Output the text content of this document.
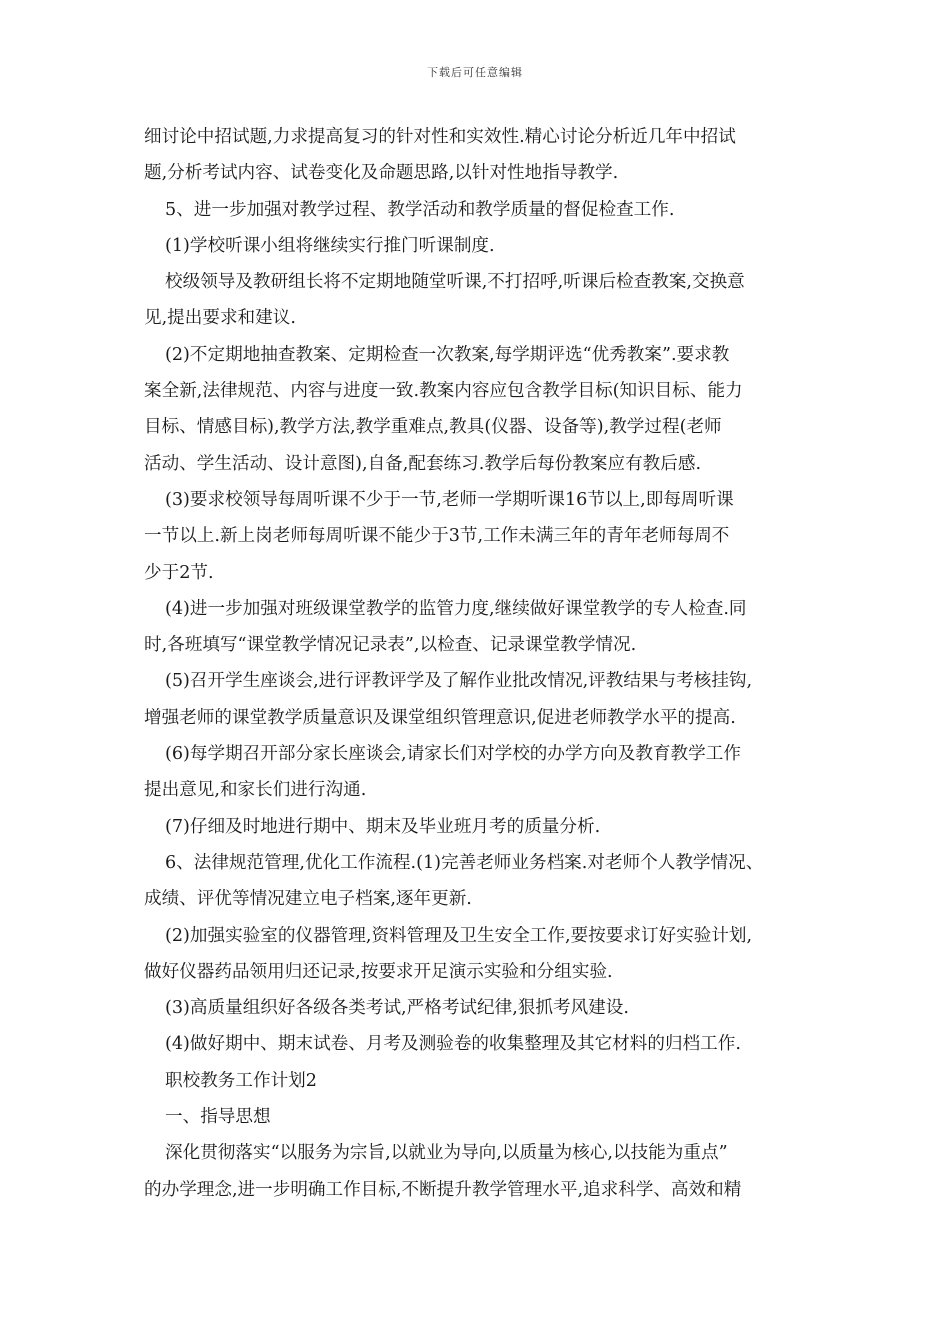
下载后可任意编辑
细讨论中招试题,力求提高复习的针对性和实效性.精心讨论分析近几年中招试
题,分析考试内容、试卷变化及命题思路,以针对性地指导教学.
5、进一步加强对教学过程、教学活动和教学质量的督促检查工作.
(1)学校听课小组将继续实行推门听课制度.
校级领导及教研组长将不定期地随堂听课,不打招呼,听课后检查教案,交换意
见,提出要求和建议.
(2)不定期地抽查教案、定期检查一次教案,每学期评选“优秀教案”.要求教
案全新,法律规范、内容与进度一致.教案内容应包含教学目标(知识目标、能力
目标、情感目标),教学方法,教学重难点,教具(仪器、设备等),教学过程(老师
活动、学生活动、设计意图),自备,配套练习.教学后每份教案应有教后感.
(3)要求校领导每周听课不少于一节,老师一学期听课16节以上,即每周听课
一节以上.新上岗老师每周听课不能少于3节,工作未满三年的青年老师每周不
少于2节.
(4)进一步加强对班级课堂教学的监管力度,继续做好课堂教学的专人检查.同
时,各班填写“课堂教学情况记录表”,以检查、记录课堂教学情况.
(5)召开学生座谈会,进行评教评学及了解作业批改情况,评教结果与考核挂钩,
增强老师的课堂教学质量意识及课堂组织管理意识,促进老师教学水平的提高.
(6)每学期召开部分家长座谈会,请家长们对学校的办学方向及教育教学工作
提出意见,和家长们进行沟通.
(7)仔细及时地进行期中、期末及毕业班月考的质量分析.
6、法律规范管理,优化工作流程.(1)完善老师业务档案.对老师个人教学情况、
成绩、评优等情况建立电子档案,逐年更新.
(2)加强实验室的仪器管理,资料管理及卫生安全工作,要按要求订好实验计划,
做好仪器药品领用归还记录,按要求开足演示实验和分组实验.
(3)高质量组织好各级各类考试,严格考试纪律,狠抓考风建设.
(4)做好期中、期末试卷、月考及测验卷的收集整理及其它材料的归档工作.
职校教务工作计划2
一、指导思想
深化贯彻落实“以服务为宗旨,以就业为导向,以质量为核心,以技能为重点”
的办学理念,进一步明确工作目标,不断提升教学管理水平,追求科学、高效和精
